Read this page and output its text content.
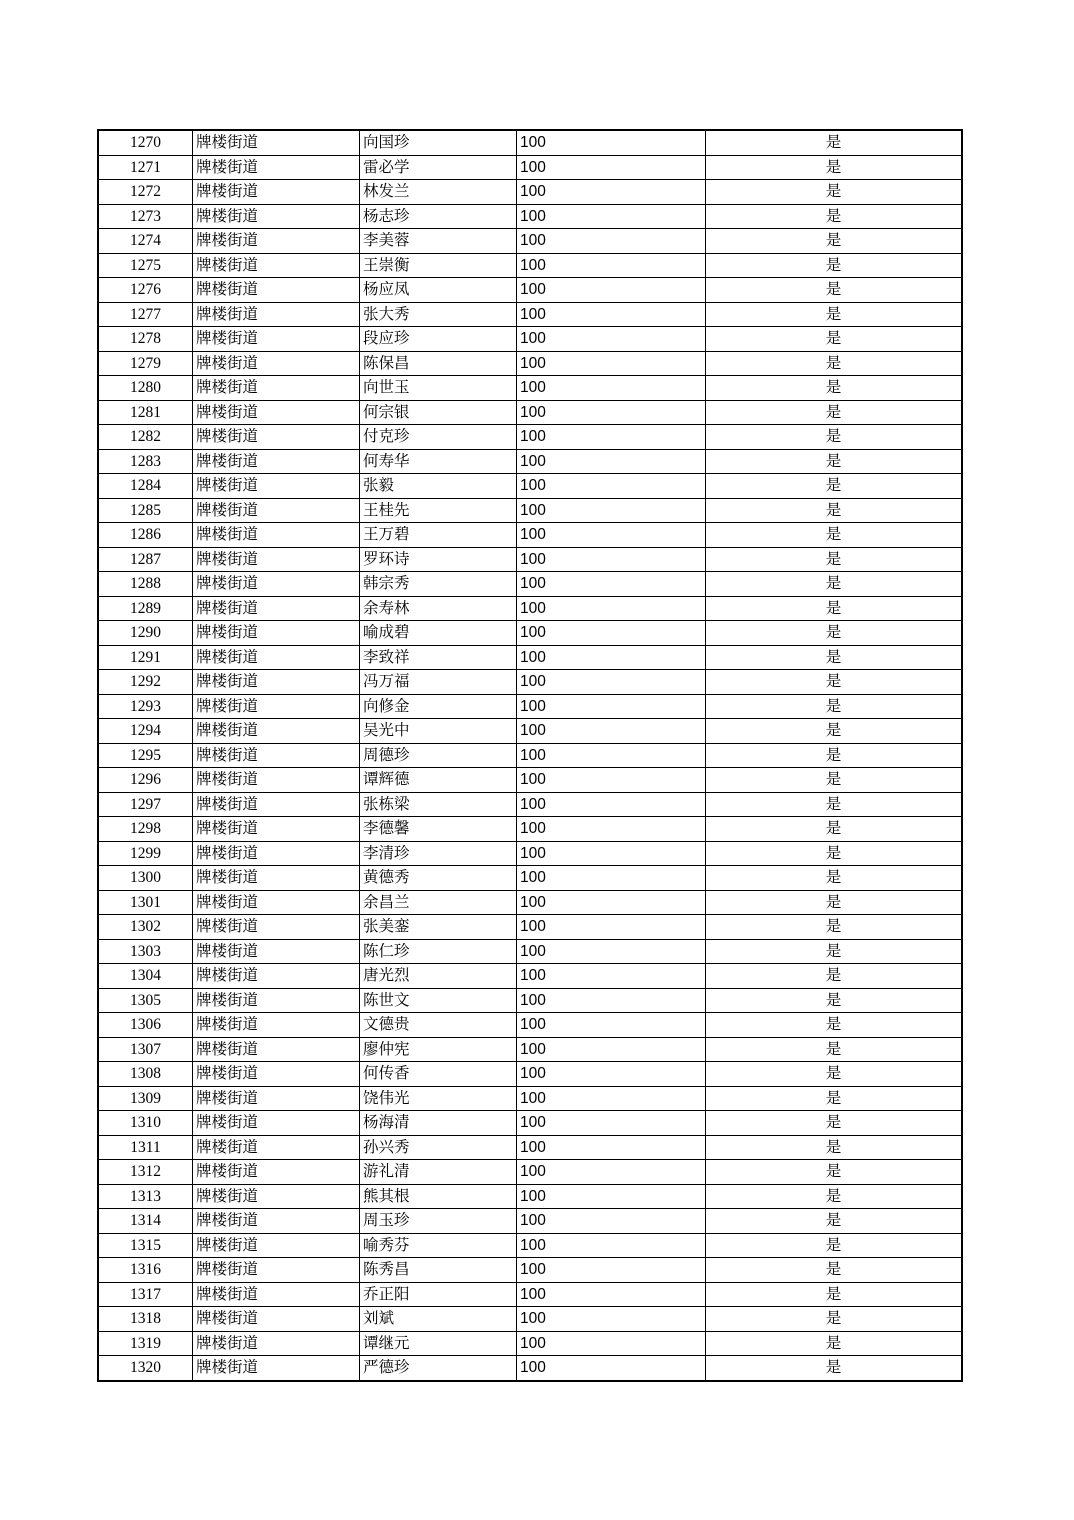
1270	牌楼街道	向国珍	100	是
1271	牌楼街道	雷必学	100	是
1272	牌楼街道	林发兰	100	是
1273	牌楼街道	杨志珍	100	是
1274	牌楼街道	李美蓉	100	是
1275	牌楼街道	王崇衡	100	是
1276	牌楼街道	杨应凤	100	是
1277	牌楼街道	张大秀	100	是
1278	牌楼街道	段应珍	100	是
1279	牌楼街道	陈保昌	100	是
1280	牌楼街道	向世玉	100	是
1281	牌楼街道	何宗银	100	是
1282	牌楼街道	付克珍	100	是
1283	牌楼街道	何寿华	100	是
1284	牌楼街道	张毅	100	是
1285	牌楼街道	王桂先	100	是
1286	牌楼街道	王万碧	100	是
1287	牌楼街道	罗环诗	100	是
1288	牌楼街道	韩宗秀	100	是
1289	牌楼街道	余寿林	100	是
1290	牌楼街道	喻成碧	100	是
1291	牌楼街道	李致祥	100	是
1292	牌楼街道	冯万福	100	是
1293	牌楼街道	向修金	100	是
1294	牌楼街道	吴光中	100	是
1295	牌楼街道	周德珍	100	是
1296	牌楼街道	谭辉德	100	是
1297	牌楼街道	张栋梁	100	是
1298	牌楼街道	李德馨	100	是
1299	牌楼街道	李清珍	100	是
1300	牌楼街道	黄德秀	100	是
1301	牌楼街道	余昌兰	100	是
1302	牌楼街道	张美銮	100	是
1303	牌楼街道	陈仁珍	100	是
1304	牌楼街道	唐光烈	100	是
1305	牌楼街道	陈世文	100	是
1306	牌楼街道	文德贵	100	是
1307	牌楼街道	廖仲宪	100	是
1308	牌楼街道	何传香	100	是
1309	牌楼街道	饶伟光	100	是
1310	牌楼街道	杨海清	100	是
1311	牌楼街道	孙兴秀	100	是
1312	牌楼街道	游礼清	100	是
1313	牌楼街道	熊其根	100	是
1314	牌楼街道	周玉珍	100	是
1315	牌楼街道	喻秀芬	100	是
1316	牌楼街道	陈秀昌	100	是
1317	牌楼街道	乔正阳	100	是
1318	牌楼街道	刘斌	100	是
1319	牌楼街道	谭继元	100	是
1320	牌楼街道	严德珍	100	是
